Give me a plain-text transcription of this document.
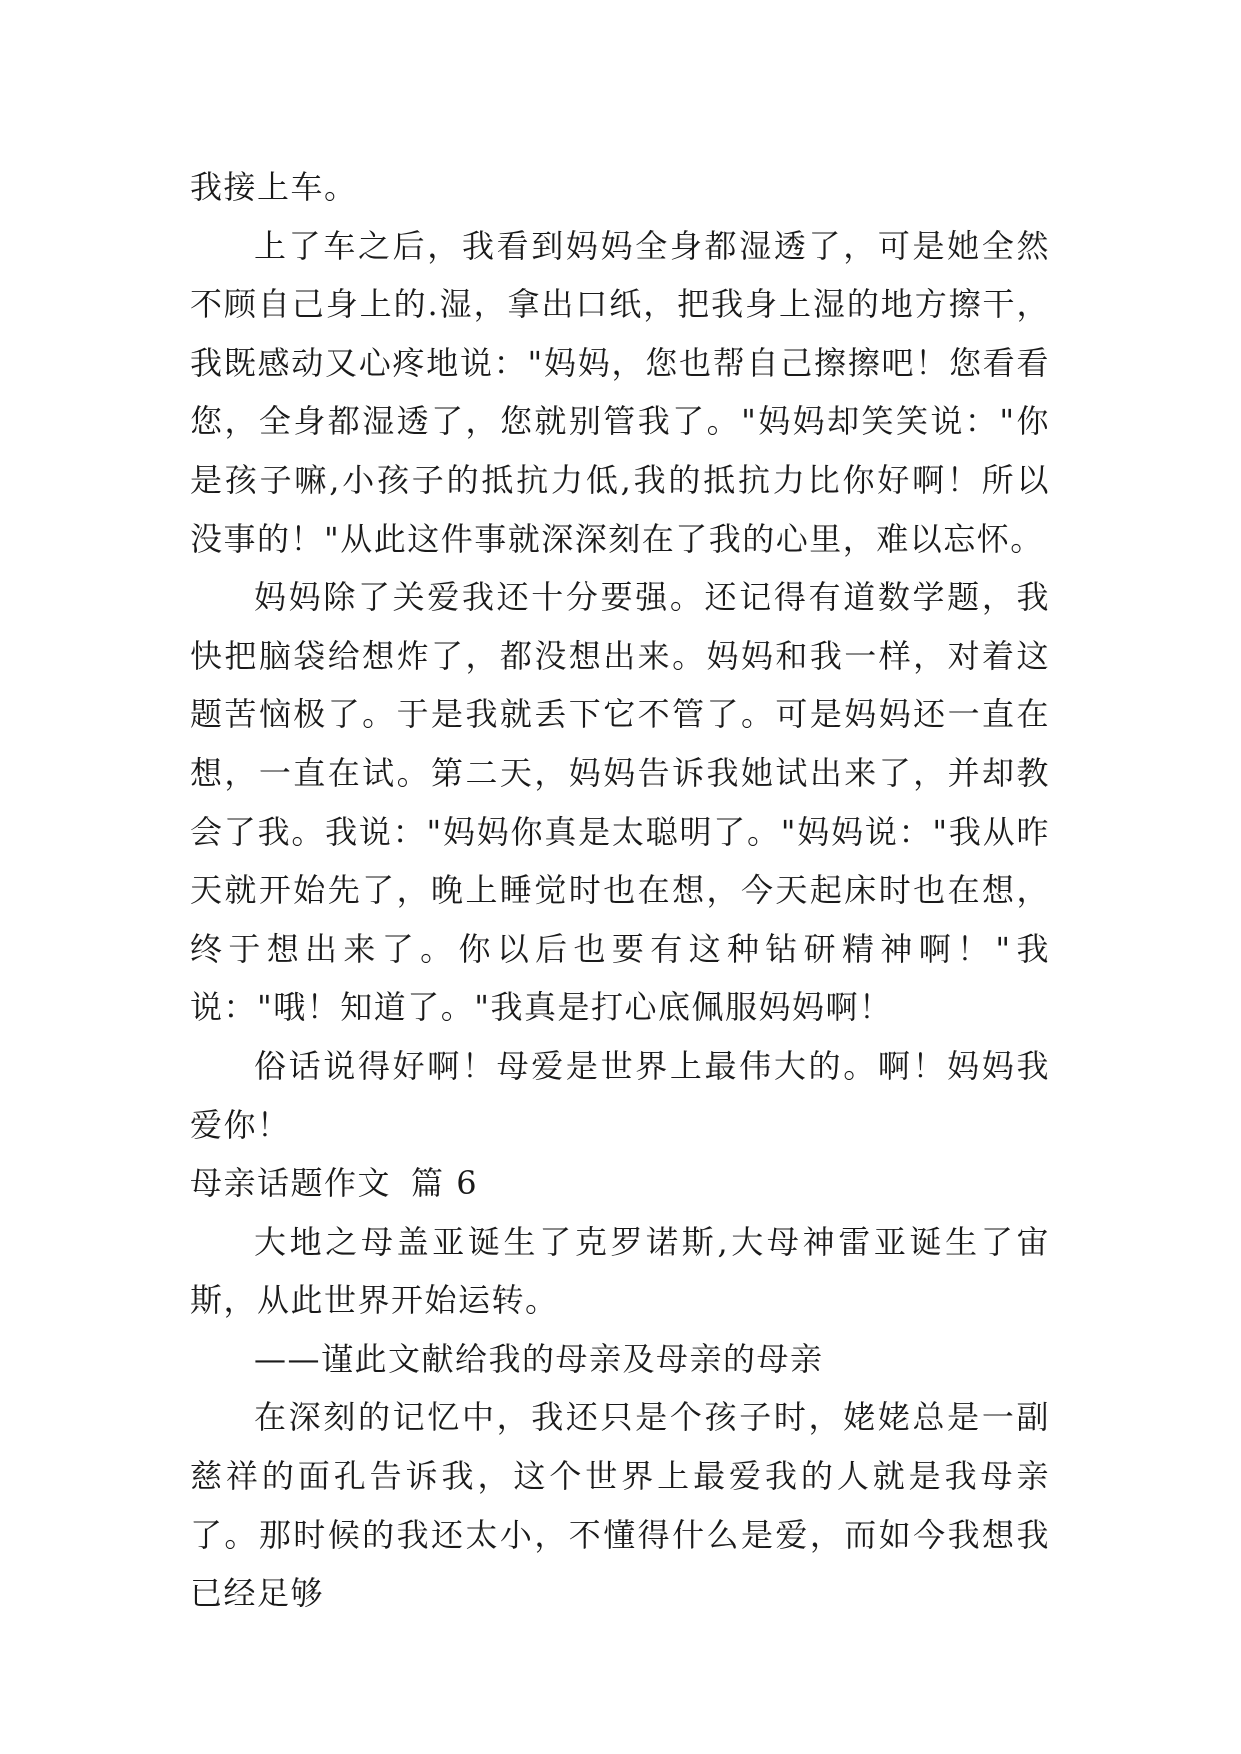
我接上车。

上了车之后，我看到妈妈全身都湿透了，可是她全然不顾自己身上的.湿，拿出口纸，把我身上湿的地方擦干，我既感动又心疼地说："妈妈，您也帮自己擦擦吧！您看看您，全身都湿透了，您就别管我了。"妈妈却笑笑说："你是孩子嘛,小孩子的抵抗力低,我的抵抗力比你好啊！所以没事的！"从此这件事就深深刻在了我的心里，难以忘怀。

妈妈除了关爱我还十分要强。还记得有道数学题，我快把脑袋给想炸了，都没想出来。妈妈和我一样，对着这题苦恼极了。于是我就丢下它不管了。可是妈妈还一直在想，一直在试。第二天，妈妈告诉我她试出来了，并却教会了我。我说："妈妈你真是太聪明了。"妈妈说："我从昨天就开始先了，晚上睡觉时也在想，今天起床时也在想，终于想出来了。你以后也要有这种钻研精神啊！"我说："哦！知道了。"我真是打心底佩服妈妈啊！

俗话说得好啊！母爱是世界上最伟大的。啊！妈妈我爱你！

母亲话题作文 篇 6

大地之母盖亚诞生了克罗诺斯,大母神雷亚诞生了宙斯，从此世界开始运转。

——谨此文献给我的母亲及母亲的母亲

在深刻的记忆中，我还只是个孩子时，姥姥总是一副慈祥的面孔告诉我，这个世界上最爱我的人就是我母亲了。那时候的我还太小，不懂得什么是爱，而如今我想我已经足够
